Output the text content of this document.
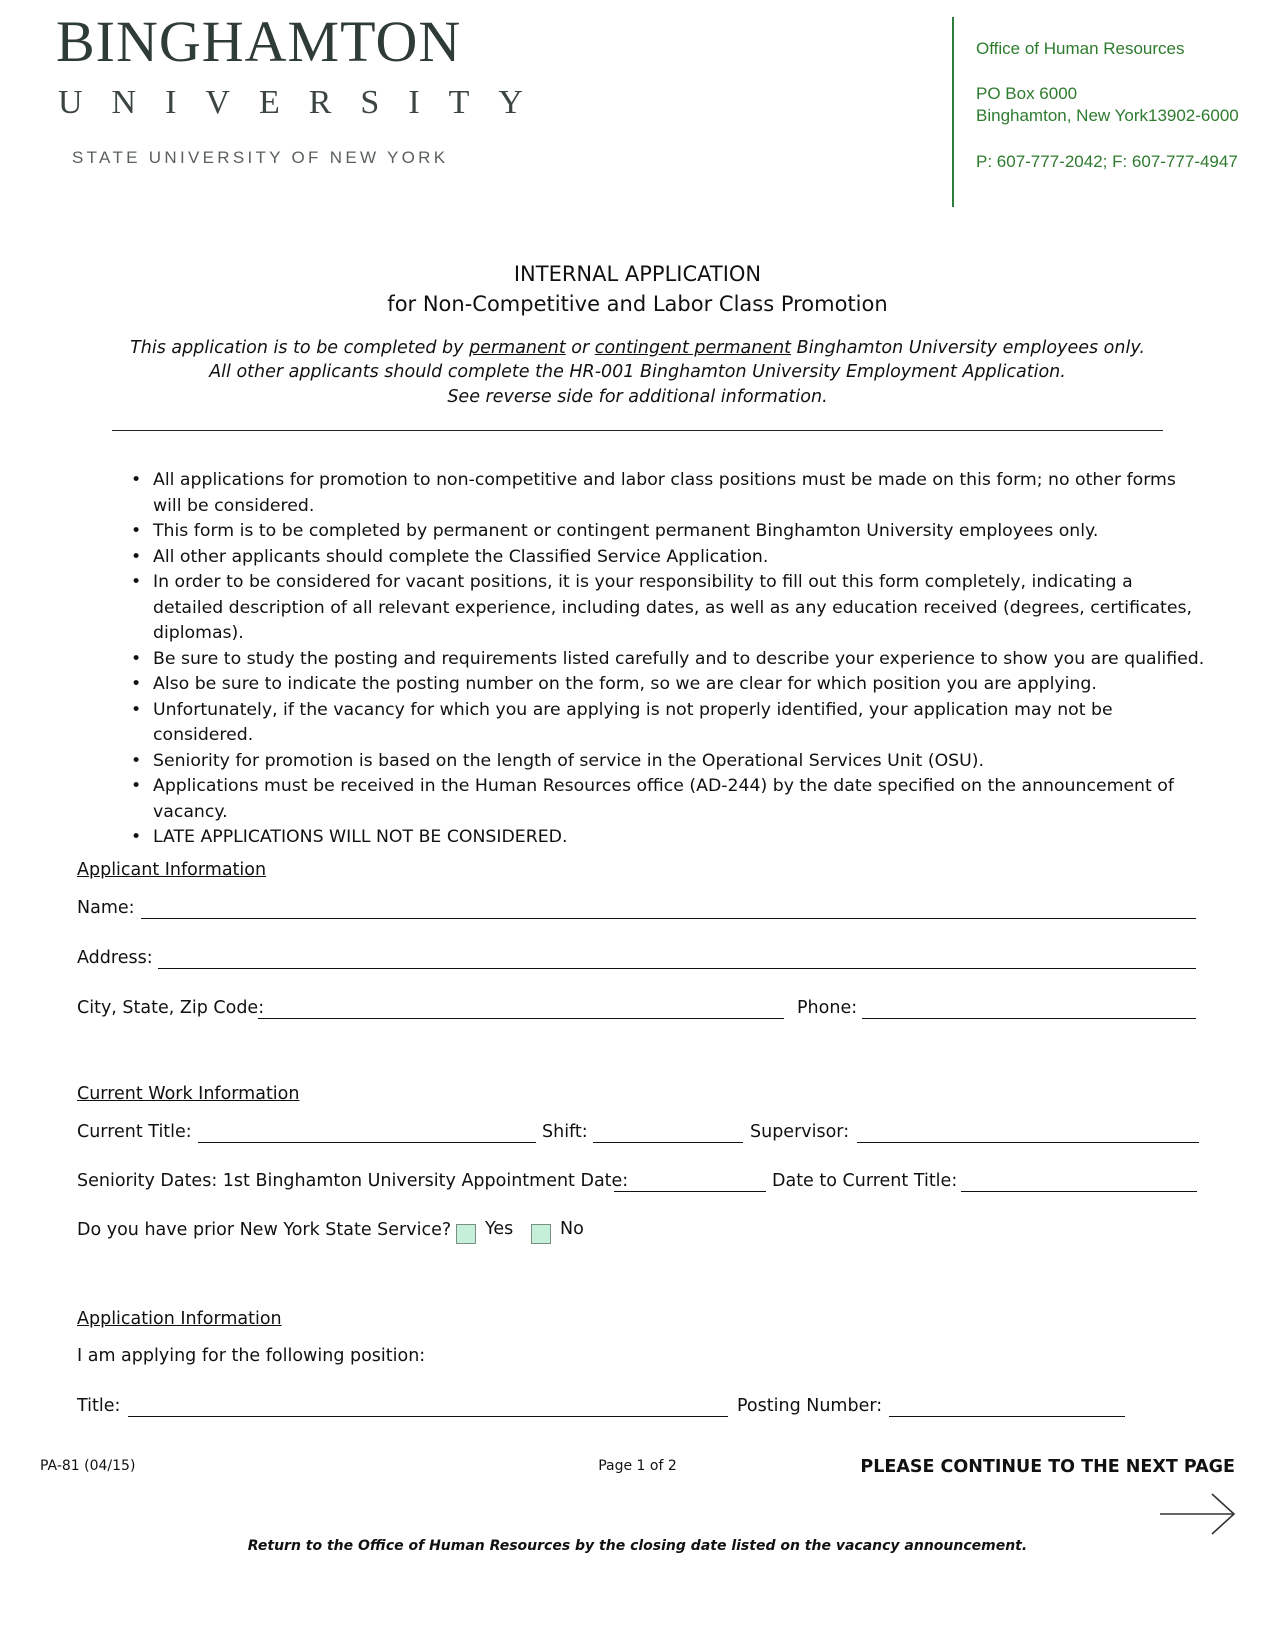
BINGHAMTON
UNIVERSITY
STATE UNIVERSITY OF NEW YORK
Office of Human Resources
PO Box 6000
Binghamton, New York13902-6000
P: 607-777-2042; F: 607-777-4947
INTERNAL APPLICATION
for Non-Competitive and Labor Class Promotion
This application is to be completed by permanent or contingent permanent Binghamton University employees only.
All other applicants should complete the HR-001 Binghamton University Employment Application.
See reverse side for additional information.
• All applications for promotion to non-competitive and labor class positions must be made on this form; no other forms will be considered.
• This form is to be completed by permanent or contingent permanent Binghamton University employees only.
• All other applicants should complete the Classified Service Application.
• In order to be considered for vacant positions, it is your responsibility to fill out this form completely, indicating a detailed description of all relevant experience, including dates, as well as any education received (degrees, certificates, diplomas).
• Be sure to study the posting and requirements listed carefully and to describe your experience to show you are qualified.
• Also be sure to indicate the posting number on the form, so we are clear for which position you are applying.
• Unfortunately, if the vacancy for which you are applying is not properly identified, your application may not be considered.
• Seniority for promotion is based on the length of service in the Operational Services Unit (OSU).
• Applications must be received in the Human Resources office (AD-244) by the date specified on the announcement of vacancy.
• LATE APPLICATIONS WILL NOT BE CONSIDERED.
Applicant Information
Name:
Address:
City, State, Zip Code:	Phone:
Current Work Information
Current Title:	Shift:	Supervisor:
Seniority Dates: 1st Binghamton University Appointment Date:	Date to Current Title:
Do you have prior New York State Service? Yes	No
Application Information
I am applying for the following position:
Title:	Posting Number:
PA-81 (04/15)	Page 1 of 2	PLEASE CONTINUE TO THE NEXT PAGE
Return to the Office of Human Resources by the closing date listed on the vacancy announcement.
